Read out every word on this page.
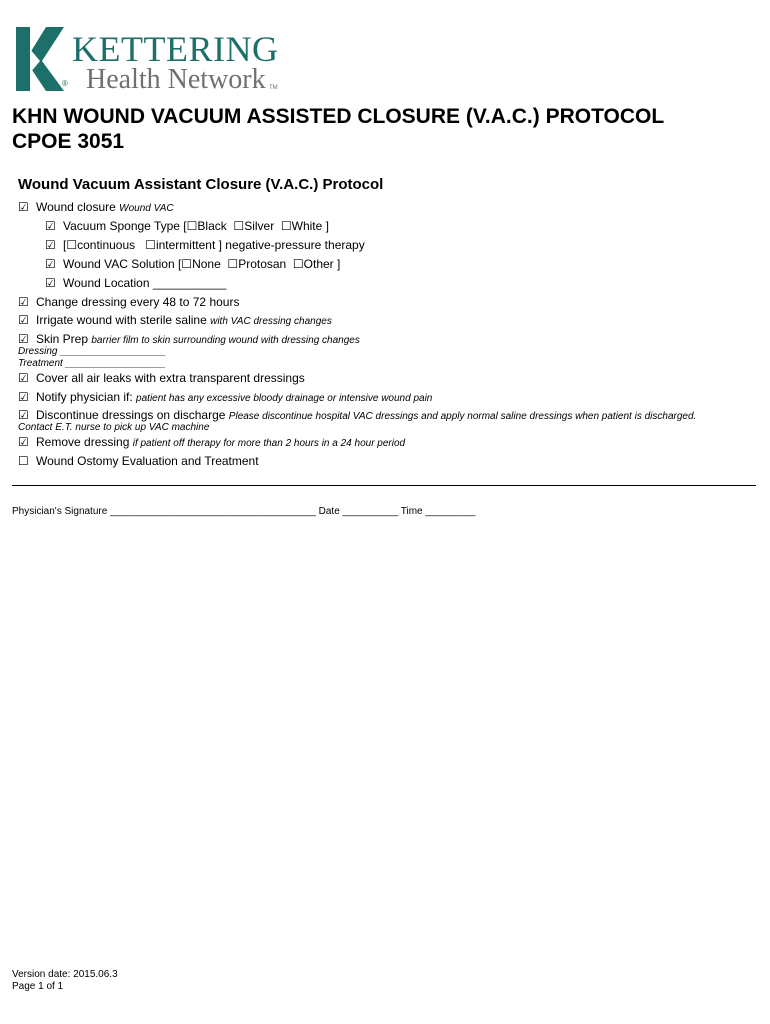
KETTERING
® Health Network TM
KHN WOUND VACUUM ASSISTED CLOSURE (V.A.C.) PROTOCOL
CPOE 3051
Wound Vacuum Assistant Closure (V.A.C.) Protocol
☑ Wound closure Wound VAC
☑ Vacuum Sponge Type [☐Black ☐Silver ☐White ]
☑ [☐continuous ☐intermittent ] negative-pressure therapy
☑ Wound VAC Solution [☐None ☐Protosan ☐Other ]
☑ Wound Location ___________
☑ Change dressing every 48 to 72 hours
☑ Irrigate wound with sterile saline with VAC dressing changes
☑ Skin Prep barrier film to skin surrounding wound with dressing changes
Dressing ___________________
Treatment __________________
☑ Cover all air leaks with extra transparent dressings
☑ Notify physician if: patient has any excessive bloody drainage or intensive wound pain
☑ Discontinue dressings on discharge Please discontinue hospital VAC dressings and apply normal saline dressings when patient is discharged.
Contact E.T. nurse to pick up VAC machine
☑ Remove dressing if patient off therapy for more than 2 hours in a 24 hour period
☐ Wound Ostomy Evaluation and Treatment
Physician's Signature _____________________________________ Date __________ Time _________
Version date: 2015.06.3
Page 1 of 1
